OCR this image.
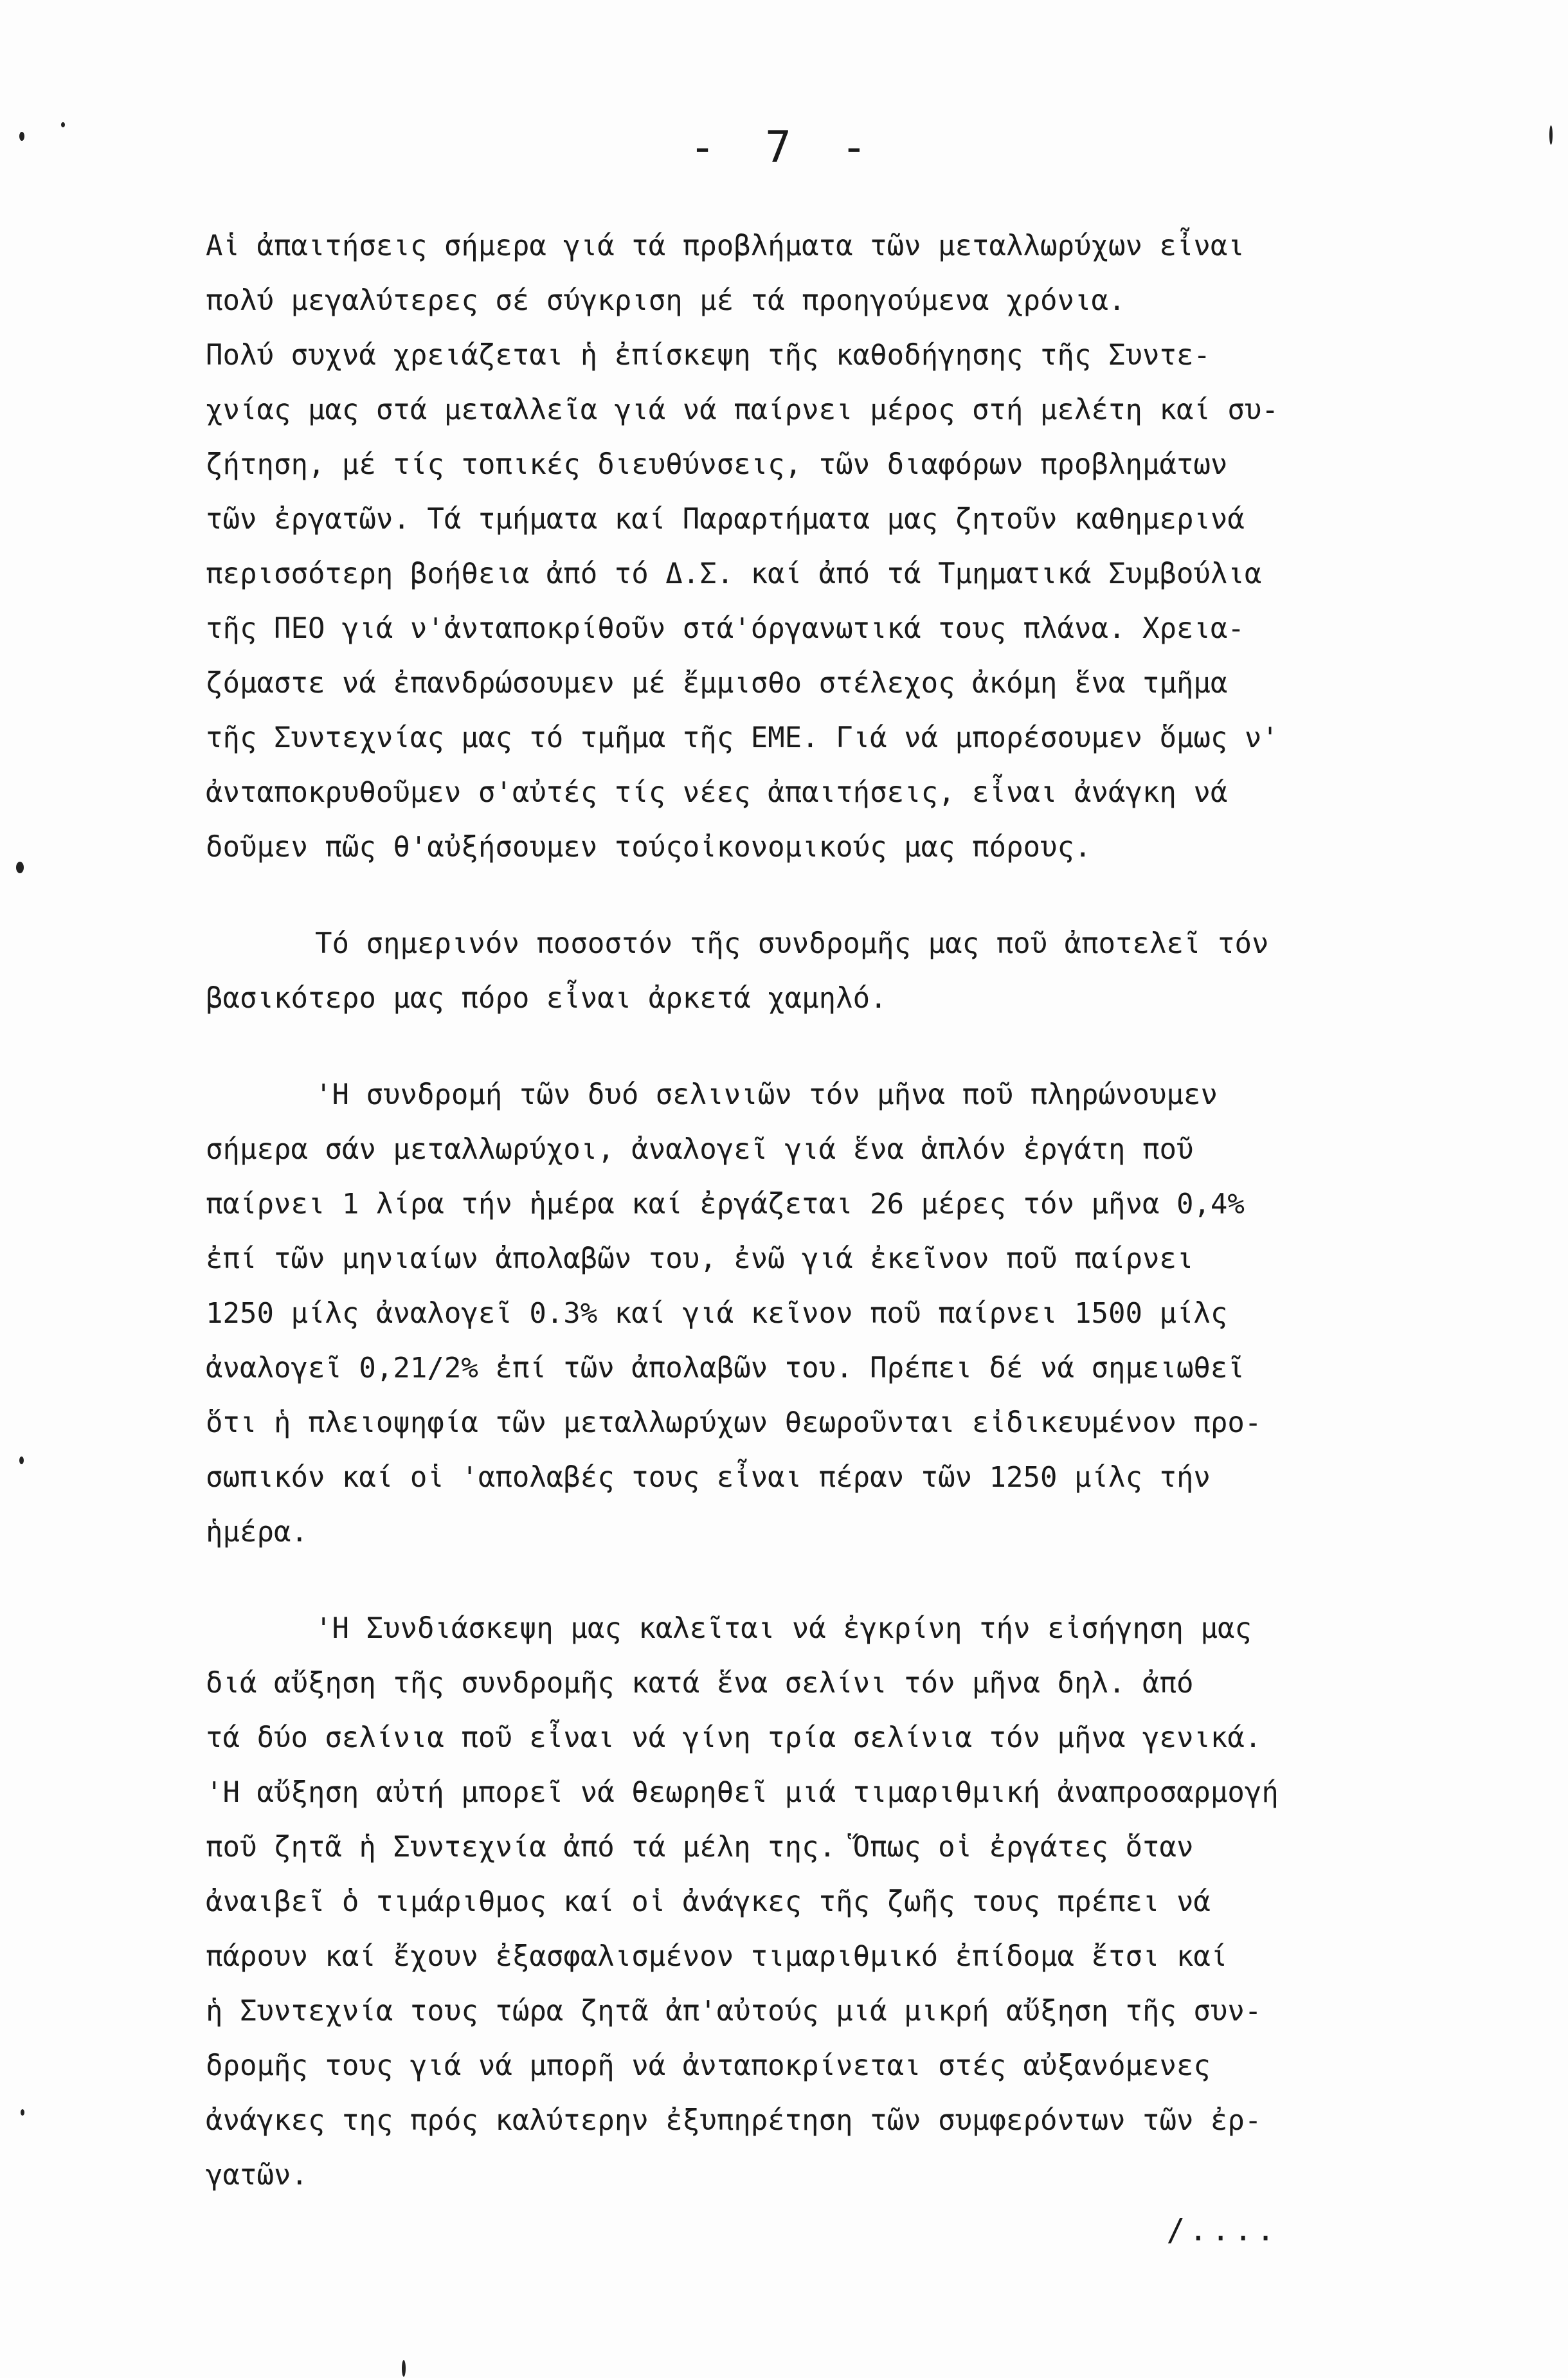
- 7 -
Αἱ ἀπαιτήσεις σήμερα γιά τά προβλήματα τῶν μεταλλωρύχων εἶναι
πολύ μεγαλύτερες σέ σύγκριση μέ τά προηγούμενα χρόνια.
Πολύ συχνά χρειάζεται ἡ ἐπίσκεψη τῆς καθοδήγησης τῆς Συντε-
χνίας μας στά μεταλλεῖα γιά νά παίρνει μέρος στή μελέτη καί συ-
ζήτηση, μέ τίς τοπικές διευθύνσεις, τῶν διαφόρων προβλημάτων
τῶν ἐργατῶν. Τά τμήματα καί Παραρτήματα μας ζητοῦν καθημερινά
περισσότερη βοήθεια ἀπό τό Δ.Σ. καί ἀπό τά Τμηματικά Συμβούλια
τῆς ΠΕΟ γιά ν'ἀνταποκρίθοῦν στά'όργανωτικά τους πλάνα. Χρεια-
ζόμαστε νά ἐπανδρώσουμεν μέ ἔμμισθο στέλεχος ἀκόμη ἕνα τμῆμα
τῆς Συντεχνίας μας τό τμῆμα τῆς ΕΜΕ. Γιά νά μπορέσουμεν ὅμως ν'
ἀνταποκρυθοῦμεν σ'αὐτές τίς νέες ἀπαιτήσεις, εἶναι ἀνάγκη νά
δοῦμεν πῶς θ'αὐξήσουμεν τούςοἰκονομικούς μας πόρους.
Τό σημερινόν ποσοστόν τῆς συνδρομῆς μας ποῦ ἀποτελεῖ τόν
βασικότερο μας πόρο εἶναι ἀρκετά χαμηλό.
'Η συνδρομή τῶν δυό σελινιῶν τόν μῆνα ποῦ πληρώνουμεν
σήμερα σάν μεταλλωρύχοι, ἀναλογεῖ γιά ἕνα ἁπλόν ἐργάτη ποῦ
παίρνει 1 λίρα τήν ἡμέρα καί ἐργάζεται 26 μέρες τόν μῆνα 0,4%
ἐπί τῶν μηνιαίων ἀπολαβῶν του, ἐνῶ γιά ἐκεῖνον ποῦ παίρνει
1250 μίλς ἀναλογεῖ 0.3% καί γιά κεῖνον ποῦ παίρνει 1500 μίλς
ἀναλογεῖ 0,21/2% ἐπί τῶν ἀπολαβῶν του. Πρέπει δέ νά σημειωθεῖ
ὅτι ἡ πλειοψηφία τῶν μεταλλωρύχων θεωροῦνται εἰδικευμένον προ-
σωπικόν καί οἱ 'απολαβές τους εἶναι πέραν τῶν 1250 μίλς τήν
ἡμέρα.
'Η Συνδιάσκεψη μας καλεῖται νά ἐγκρίνη τήν εἰσήγηση μας
διά αὔξηση τῆς συνδρομῆς κατά ἕνα σελίνι τόν μῆνα δηλ. ἀπό
τά δύο σελίνια ποῦ εἶναι νά γίνη τρία σελίνια τόν μῆνα γενικά.
'Η αὔξηση αὐτή μπορεῖ νά θεωρηθεῖ μιά τιμαριθμική ἀναπροσαρμογή
ποῦ ζητᾶ ἡ Συντεχνία ἀπό τά μέλη της. Ὅπως οἱ ἐργάτες ὅταν
ἀναιβεῖ ὁ τιμάριθμος καί οἱ ἀνάγκες τῆς ζωῆς τους πρέπει νά
πάρουν καί ἔχουν ἐξασφαλισμένον τιμαριθμικό ἐπίδομα ἔτσι καί
ἡ Συντεχνία τους τώρα ζητᾶ ἀπ'αὐτούς μιά μικρή αὔξηση τῆς συν-
δρομῆς τους γιά νά μπορῆ νά ἀνταποκρίνεται στές αὐξανόμενες
ἀνάγκες της πρός καλύτερην ἐξυπηρέτηση τῶν συμφερόντων τῶν ἐρ-
γατῶν.
/....
